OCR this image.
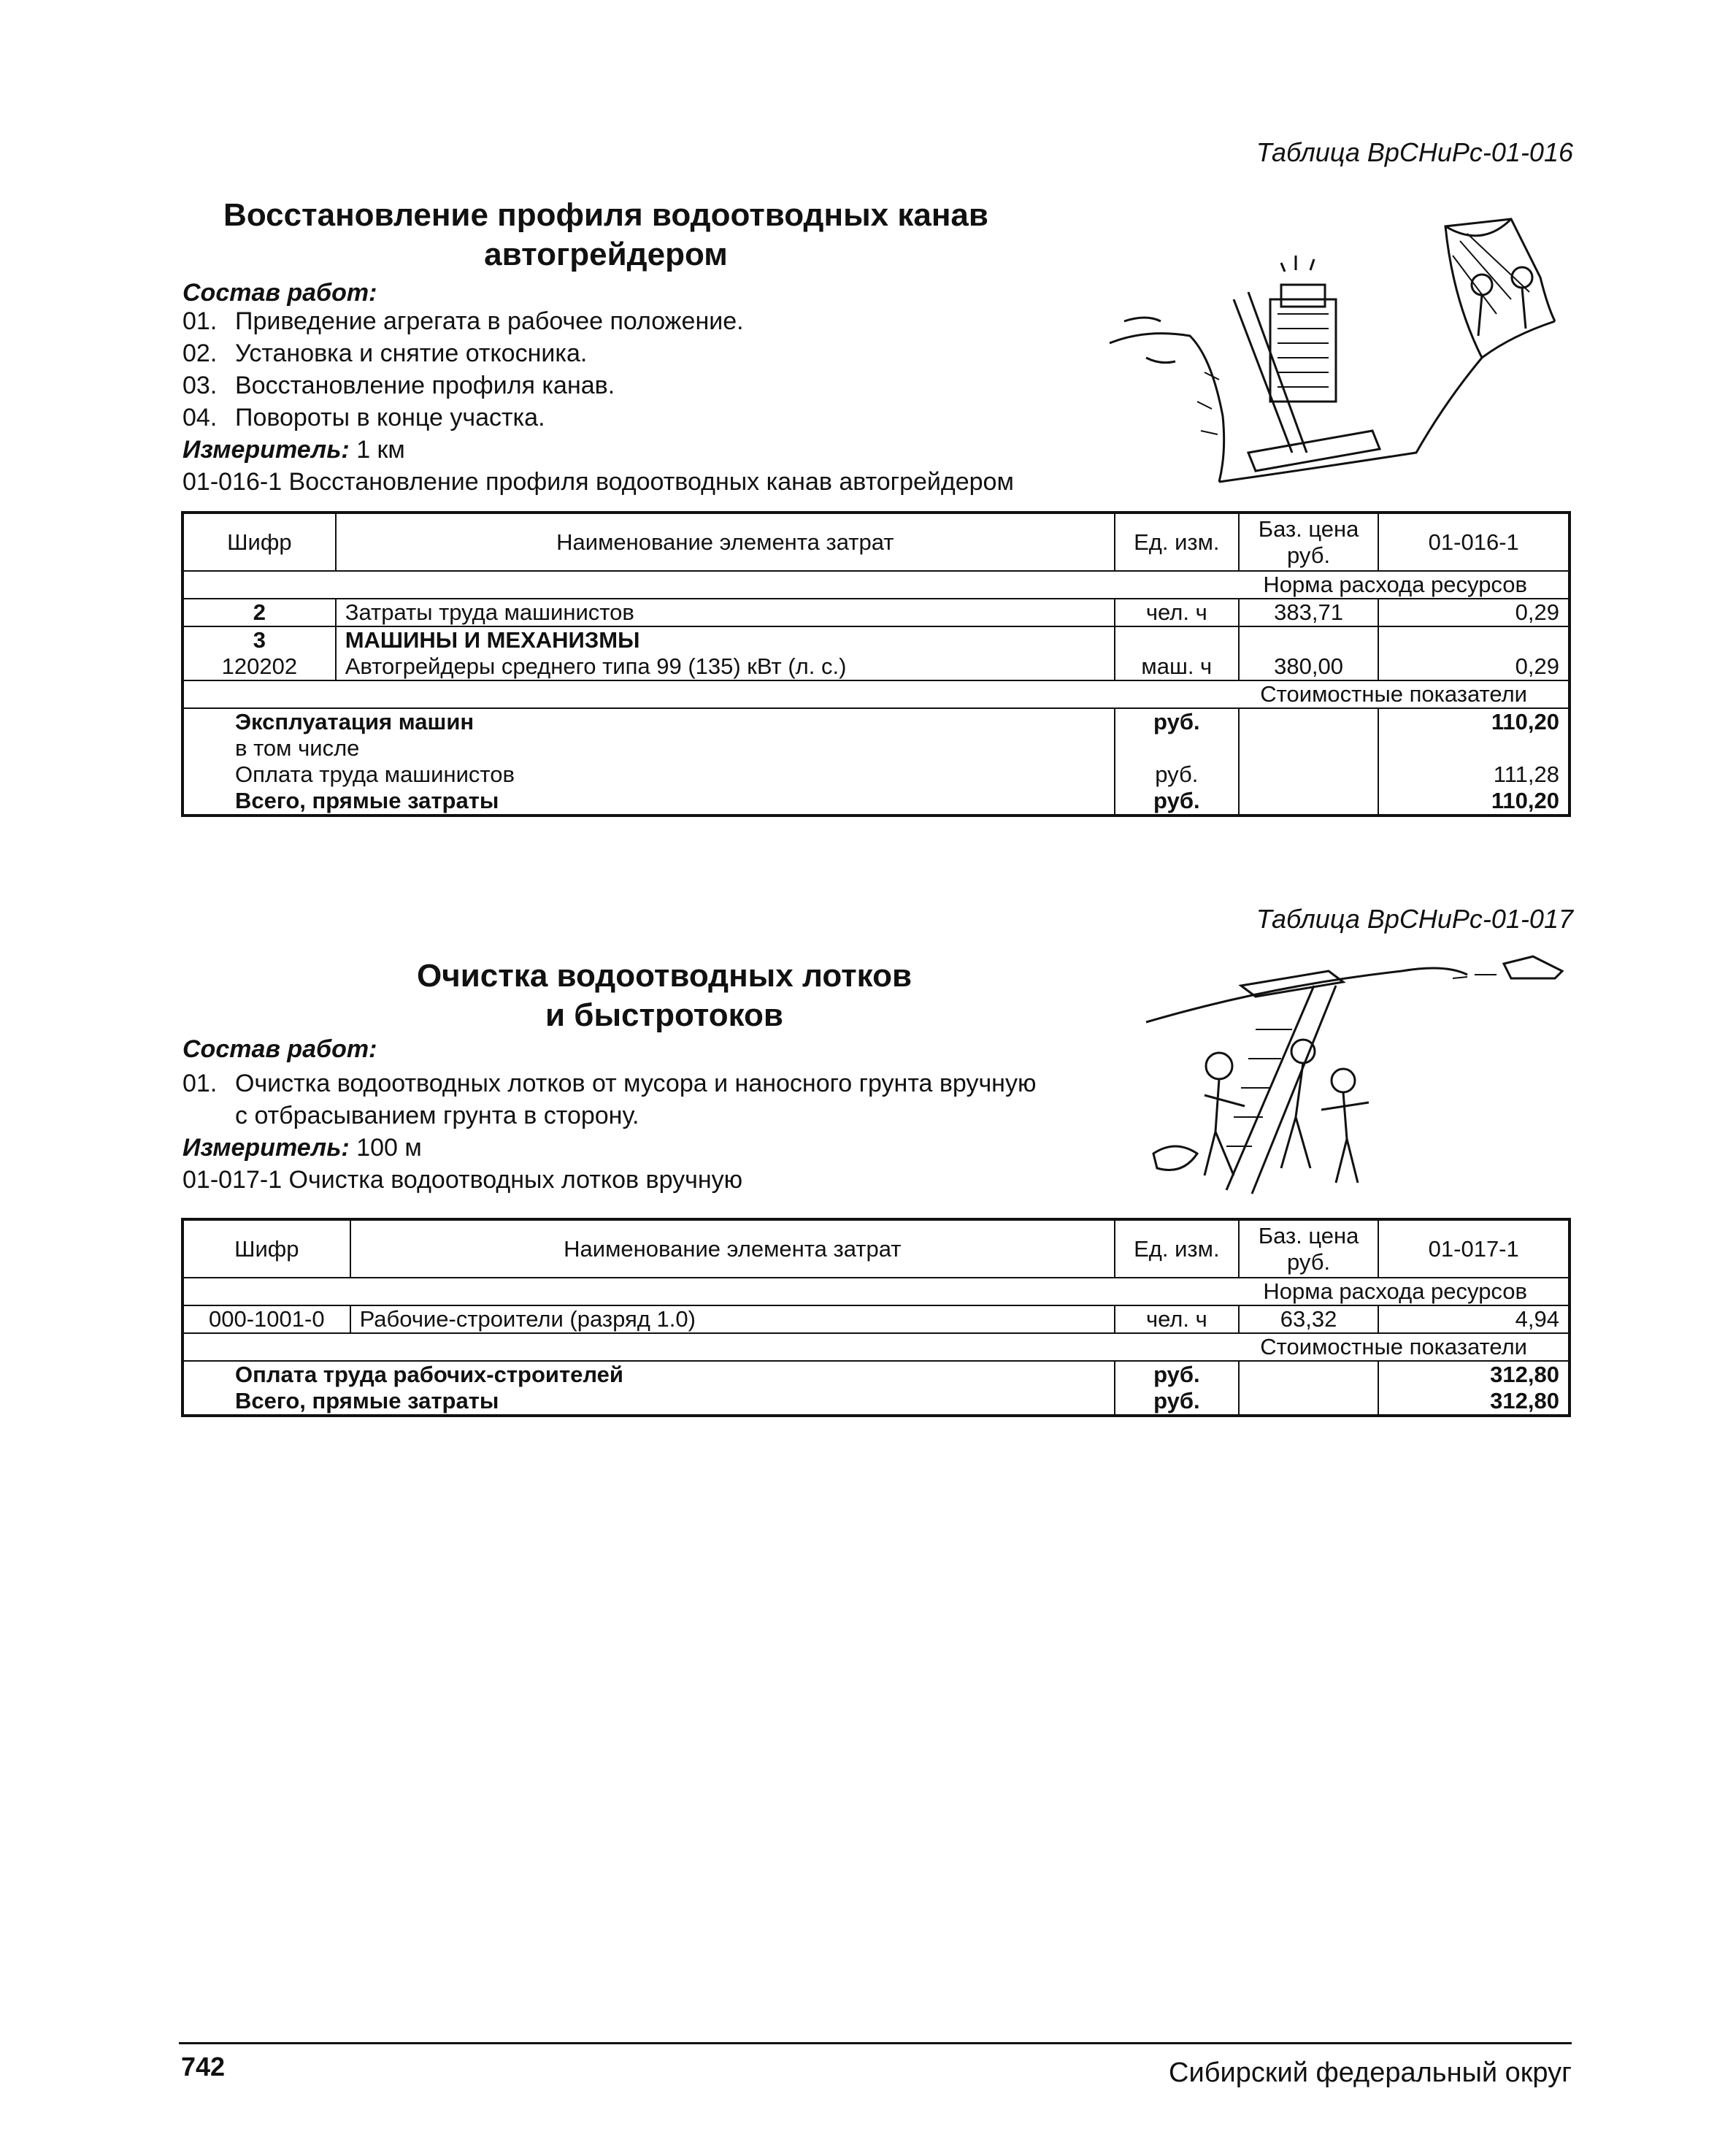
Таблица ВрСНиРс-01-016
Восстановление профиля водоотводных канав
автогрейдером
Состав работ:
01. Приведение агрегата в рабочее положение.
02. Установка и снятие откосника.
03. Восстановление профиля канав.
04. Повороты в конце участка.
Измеритель: 1 км
01-016-1 Восстановление профиля водоотводных канав автогрейдером
Шифр	Наименование элемента затрат	Ед. изм.	Баз. цена руб.	01-016-1
Норма расхода ресурсов				
2	Затраты труда машинистов	чел. ч	383,71	0,29
3	МАШИНЫ И МЕХАНИЗМЫ			
120202	Автогрейдеры среднего типа 99 (135) кВт (л. с.)	маш. ч	380,00	0,29
Стоимостные показатели				
Эксплуатация машин		руб.		110,20
в том числе				
Оплата труда машинистов		руб.		111,28
Всего, прямые затраты		руб.		110,20
Таблица ВрСНиРс-01-017
Очистка водоотводных лотков
и быстротоков
Состав работ:
01. Очистка водоотводных лотков от мусора и наносного грунта вручную
с отбрасыванием грунта в сторону.
Измеритель: 100 м
01-017-1 Очистка водоотводных лотков вручную
Шифр	Наименование элемента затрат	Ед. изм.	Баз. цена руб.	01-017-1
Норма расхода ресурсов				
000-1001-0	Рабочие-строители (разряд 1.0)	чел. ч	63,32	4,94
Стоимостные показатели				
Оплата труда рабочих-строителей		руб.		312,80
Всего, прямые затраты		руб.		312,80
742	Сибирский федеральный округ
